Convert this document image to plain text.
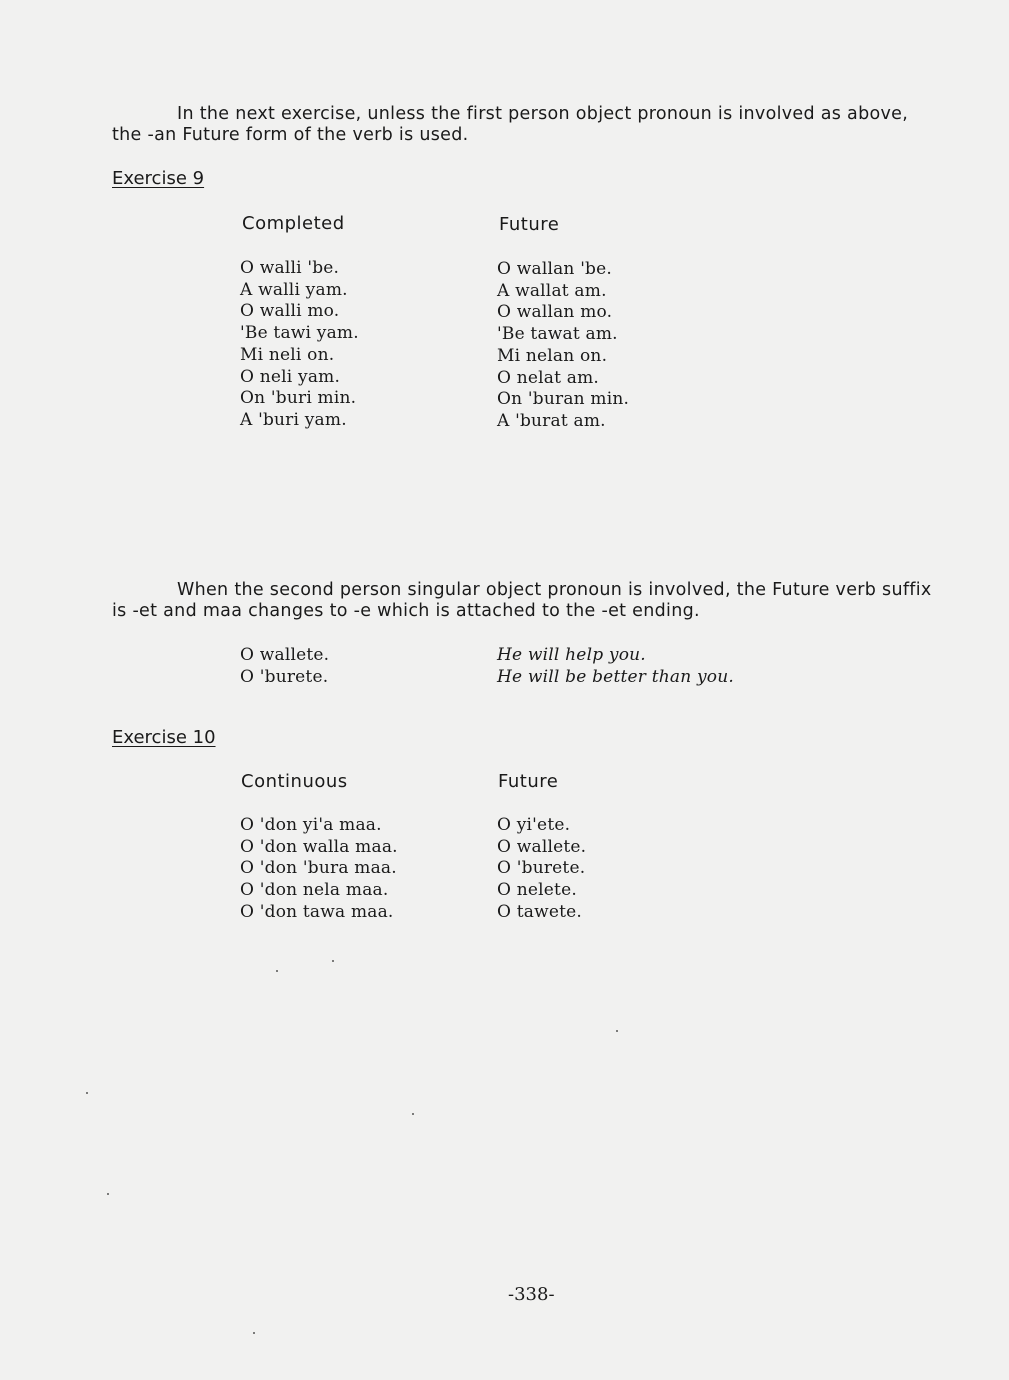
In the next exercise, unless the first person object pronoun is involved as above,
the -an Future form of the verb is used.
Exercise 9
Completed	Future
O walli 'be.
A walli yam.
O walli mo.
'Be tawi yam.
Mi neli on.
O neli yam.
On 'buri min.
A 'buri yam.
O wallan 'be.
A wallat am.
O wallan mo.
'Be tawat am.
Mi nelan on.
O nelat am.
On 'buran min.
A 'burat am.
When the second person singular object pronoun is involved, the Future verb suffix
is -et and maa changes to -e which is attached to the -et ending.
O wallete.
O 'burete.
He will help you.
He will be better than you.
Exercise 10
Continuous	Future
O 'don yi'a maa.
O 'don walla maa.
O 'don 'bura maa.
O 'don nela maa.
O 'don tawa maa.
O yi'ete.
O wallete.
O 'burete.
O nelete.
O tawete.
-338-
